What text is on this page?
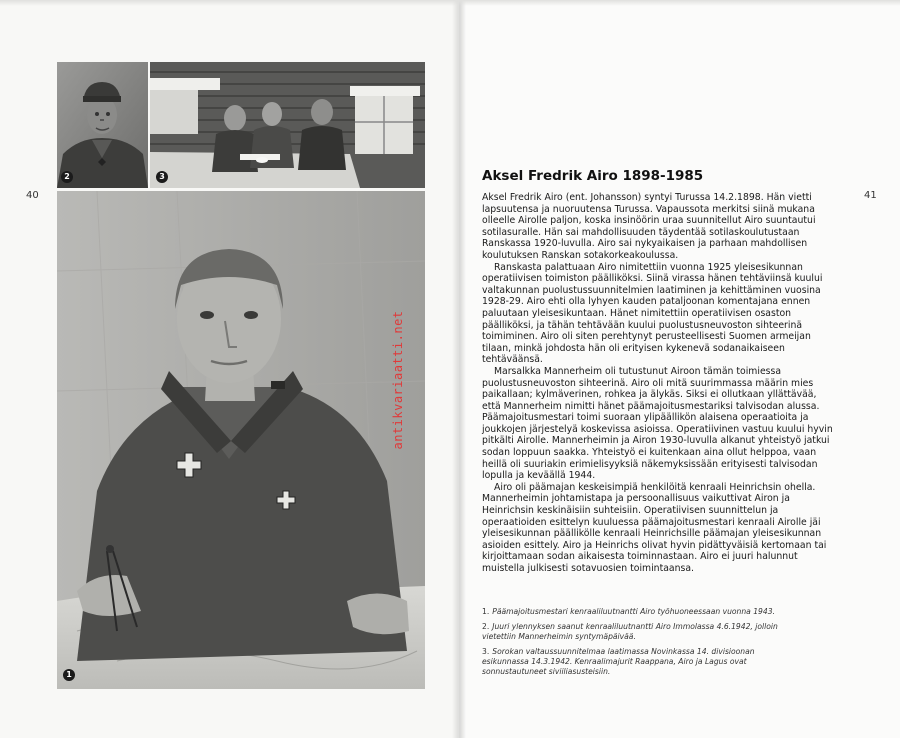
40	41
2	3
1
antikvariaatti.net
Aksel Fredrik Airo 1898-1985

Aksel Fredrik Airo (ent. Johansson) syntyi Turussa 14.2.1898. Hän vietti lapsuutensa ja nuoruutensa Turussa. Vapaussota merkitsi siinä mukana olleelle Airolle paljon, koska insinöörin uraa suunnitellut Airo suuntautui sotilasuralle. Hän sai mahdollisuuden täydentää sotilaskoulutustaan Ranskassa 1920-luvulla. Airo sai nykyaikaisen ja parhaan mahdollisen koulutuksen Ranskan sotakorkeakoulussa.

Ranskasta palattuaan Airo nimitettiin vuonna 1925 yleisesikunnan operatiivisen toimiston päälliköksi. Siinä virassa hänen tehtäviinsä kuului valtakunnan puolustussuunnitelmien laatiminen ja kehittäminen vuosina 1928-29. Airo ehti olla lyhyen kauden pataljoonan komentajana ennen paluutaan yleisesikuntaan. Hänet nimitettiin operatiivisen osaston päälliköksi, ja tähän tehtävään kuului puolustusneuvoston sihteerinä toimiminen. Airo oli siten perehtynyt perusteellisesti Suomen armeijan tilaan, minkä johdosta hän oli erityisen kykenevä sodanaikaiseen tehtäväänsä.

Marsalkka Mannerheim oli tutustunut Airoon tämän toimiessa puolustusneuvoston sihteerinä. Airo oli mitä suurimmassa määrin mies paikallaan; kylmäverinen, rohkea ja älykäs. Siksi ei ollutkaan yllättävää, että Mannerheim nimitti hänet päämajoitusmestariksi talvisodan alussa. Päämajoitusmestari toimi suoraan ylipäällikön alaisena operaatioita ja joukkojen järjestelyä koskevissa asioissa. Operatiivinen vastuu kuului hyvin pitkälti Airolle. Mannerheimin ja Airon 1930-luvulla alkanut yhteistyö jatkui sodan loppuun saakka. Yhteistyö ei kuitenkaan aina ollut helppoa, vaan heillä oli suuriakin erimielisyyksiä näkemyksissään erityisesti talvisodan lopulla ja keväällä 1944.

Airo oli päämajan keskeisimpiä henkilöitä kenraali Heinrichsin ohella. Mannerheimin johtamistapa ja persoonallisuus vaikuttivat Airon ja Heinrichsin keskinäisiin suhteisiin. Operatiivisen suunnittelun ja operaatioiden esittelyn kuuluessa päämajoitusmestari kenraali Airolle jäi yleisesikunnan päällikölle kenraali Heinrichsille päämajan yleisesikunnan asioiden esittely. Airo ja Heinrichs olivat hyvin pidättyväisiä kertomaan tai kirjoittamaan sodan aikaisesta toiminnastaan. Airo ei juuri halunnut muistella julkisesti sotavuosien toimintaansa.

1. Päämajoitusmestari kenraaliluutnantti Airo työhuoneessaan vuonna 1943.

2. Juuri ylennyksen saanut kenraaliluutnantti Airo Immolassa 4.6.1942, jolloin vietettiin Mannerheimin syntymäpäivää.

3. Sorokan valtaussuunnitelmaa laatimassa Novinkassa 14. divisioonan esikunnassa 14.3.1942. Kenraalimajurit Raappana, Airo ja Lagus ovat sonnustautuneet siviiliasusteisiin.
